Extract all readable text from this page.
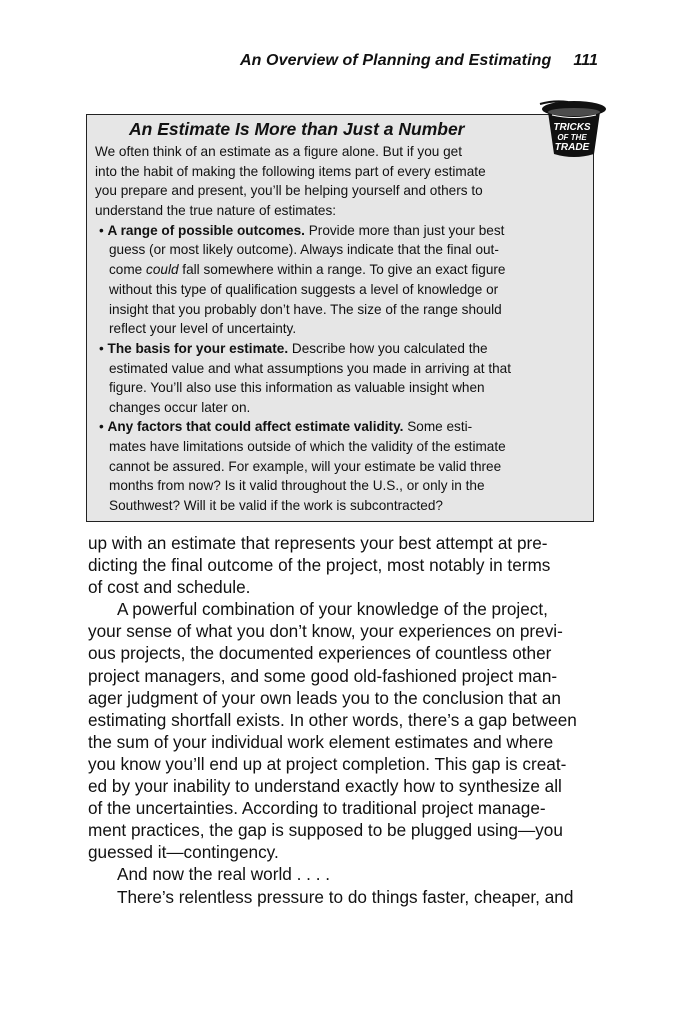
An Overview of Planning and Estimating 111
An Estimate Is More than Just a Number
We often think of an estimate as a figure alone. But if you get
into the habit of making the following items part of every estimate
you prepare and present, you’ll be helping yourself and others to
understand the true nature of estimates:
• A range of possible outcomes. Provide more than just your best
guess (or most likely outcome). Always indicate that the final out-
come could fall somewhere within a range. To give an exact figure
without this type of qualification suggests a level of knowledge or
insight that you probably don’t have. The size of the range should
reflect your level of uncertainty.
• The basis for your estimate. Describe how you calculated the
estimated value and what assumptions you made in arriving at that
figure. You’ll also use this information as valuable insight when
changes occur later on.
• Any factors that could affect estimate validity. Some esti-
mates have limitations outside of which the validity of the estimate
cannot be assured. For example, will your estimate be valid three
months from now? Is it valid throughout the U.S., or only in the
Southwest? Will it be valid if the work is subcontracted?
TRICKS
OF THE
TRADE
up with an estimate that represents your best attempt at pre-
dicting the final outcome of the project, most notably in terms
of cost and schedule.
A powerful combination of your knowledge of the project,
your sense of what you don’t know, your experiences on previ-
ous projects, the documented experiences of countless other
project managers, and some good old-fashioned project man-
ager judgment of your own leads you to the conclusion that an
estimating shortfall exists. In other words, there’s a gap between
the sum of your individual work element estimates and where
you know you’ll end up at project completion. This gap is creat-
ed by your inability to understand exactly how to synthesize all
of the uncertainties. According to traditional project manage-
ment practices, the gap is supposed to be plugged using—you
guessed it—contingency.
And now the real world . . . .
There’s relentless pressure to do things faster, cheaper, and
